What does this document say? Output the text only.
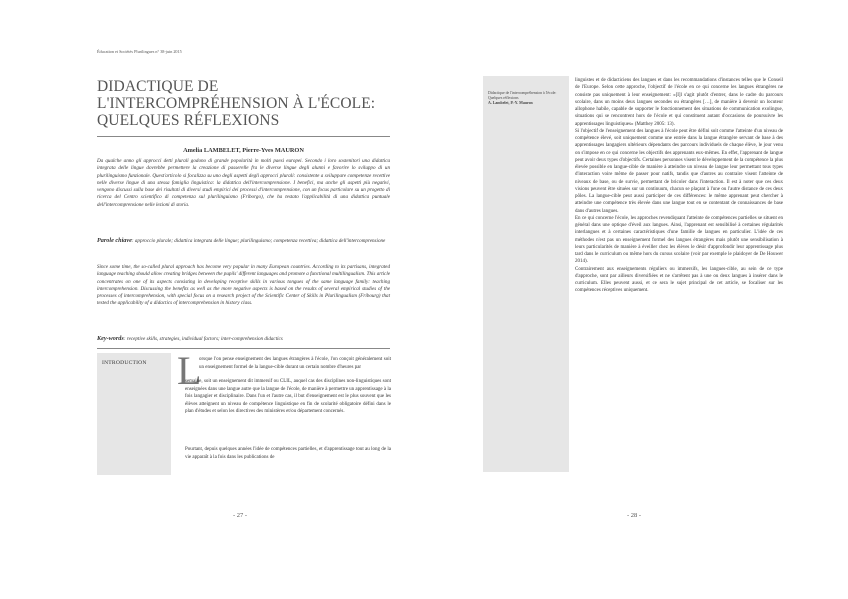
Éducation et Sociétés Plurilingues n° 38-juin 2015
DIDACTIQUE DE L'INTERCOMPRÉHENSION À L'ÉCOLE: QUELQUES RÉFLEXIONS
Amelia LAMBELET, Pierre-Yves MAURON

Da qualche anno gli approcci detti plurali godono di grande popolarità in molti paesi europei. Secondo i loro sostenitori una didattica integrata delle lingue dovrebbe permettere la creazione di passerelle fra le diverse lingue degli alunni e favorire lo sviluppo di un plurilinguismo funzionale. Quest'articolo si focalizza su uno degli aspetti degli approcci plurali: consistente a sviluppare competenze recettive nelle diverse lingue di una stessa famiglia linguistica: la didattica dell'intercomprensione. I benefici, ma anche gli aspetti più negativi, vengono discussi sulla base dei risultati di diversi studi empirici dei processi d'intercomprensione, con un focus particolare su un progetto di ricerca del Centro scientifico di competenza sul plurilinguismo (Friborgo), che ha testato l'applicabilità di una didattica puntuale dell'intercomprensione nelle lezioni di storia.

Parole chiave: approccio plurale; didattica integrata delle lingue; plurilinguismo; competenza recettiva; didattica dell'intercomprensione

Since some time, the so-called plural approach has become very popular in many European countries. According to its partisans, integrated language teaching should allow creating bridges between the pupils' different languages and promote a functional multilingualism. This article concentrates on one of its aspects consisting in developing receptive skills in various tongues of the same language family: teaching intercomprehension. Discussing the benefits as well as the more negative aspects is based on the results of several empirical studies of the processes of intercomprehension, with special focus on a research project of the Scientific Center of Skills in Plurilingualism (Fribourg) that tested the applicability of a didactics of intercomprehension in history class.

Key-words: receptive skills, strategies, individual factors; inter-comprehension didactics

INTRODUCTION L

orsque l'on pense enseignement des langues étrangères à l'école, l'on conçoit généralement soit un enseignement formel de la langue-cible durant un certain nombre d'heures par

semaine, soit un enseignement dit immersif ou CLIL, auquel cas des disciplines non-linguistiques sont enseignées dans une langue autre que la langue de l'école, de manière à permettre un apprentissage à la fois langagier et disciplinaire. Dans l'un et l'autre cas, il but d'enseignement est le plus souvent que les élèves atteignent un niveau de compétence linguistique en fin de scolarité obligatoire défini dans le plan d'études et selon les directives des ministères et/ou département concernés.

Pourtant, depuis quelques années l'idée de compétences partielles, et d'apprentissage tout au long de la vie apparaît à la fois dans les publications de

- 27 -
Didactique de l'intercompréhension à l'école: Quelques réflexions
A. Lambelet, P.-Y. Mauron

linguistes et de didacticiens des langues et dans les recommandations d'instances telles que le Conseil de l'Europe. Selon cette approche, l'objectif de l'école en ce qui concerne les langues étrangères ne consiste pas uniquement à leur enseignement: «[I]l s'agit plutôt d'entrer, dans le cadre du parcours scolaire, dans un moins deux langues secondes ou étrangères […], de manière à devenir un locuteur allophone habile, capable de supporter le fonctionnement des situations de communication exolingue, situations qui se rencontrent hors de l'école et qui constituent autant d'occasions de poursuivre les apprentissages linguistiques» (Matthey 2005: 13).

Si l'objectif de l'enseignement des langues à l'école peut être défini soit comme l'atteinte d'un niveau de compétence élevé, soit uniquement comme une entrée dans la langue étrangère servant de base à des apprentissages langagiers ultérieurs dépendants des parcours individuels de chaque élève, le jour venu on s'impose en ce qui concerne les objectifs des apprenants eux-mêmes. En effet, l'apprenant de langue peut avoir deux types d'objectifs. Certaines personnes visent le développement de la compétence la plus élevée possible en langue-cible de manière à atteindre un niveau de langue leur permettant tous types d'interaction voire même de passer pour natifs, tandis que d'autres au contraire visent l'atteinte de niveaux de base, ou de survie, permettant de bricoler dans l'interaction. Il est à noter que ces deux visions peuvent être situées sur un continuum, chacun se plaçant à l'une ou l'autre distance de ces deux pôles. La langue-cible peut aussi participer de ces différences: le même apprenant peut chercher à atteindre une compétence très élevée dans une langue tout en se contentant de connaissances de base dans d'autres langues.

En ce qui concerne l'école, les approches revendiquant l'atteinte de compétences partielles se situent en général dans une optique d'éveil aux langues. Ainsi, l'apprenant est sensibilisé à certaines régularités interlangues et à certaines caractéristiques d'une famille de langues en particulier. L'idée de ces méthodes n'est pas un enseignement formel des langues étrangères mais plutôt une sensibilisation à leurs particularités de manière à éveiller chez les élèves le désir d'approfondir leur apprentissage plus tard dans le curriculum ou même hors du cursus scolaire (voir par exemple le plaidoyer de De Houwer 2014).

Contrairement aux enseignements réguliers ou immersifs, les langues-cible, au sein de ce type d'approche, sont par ailleurs diversifiées et ne s'arrêtent pas à une ou deux langues à insérer dans le curriculum. Elles peuvent aussi, et ce sera le sujet principal de cet article, se focaliser sur les compétences réceptives uniquement.

- 28 -
